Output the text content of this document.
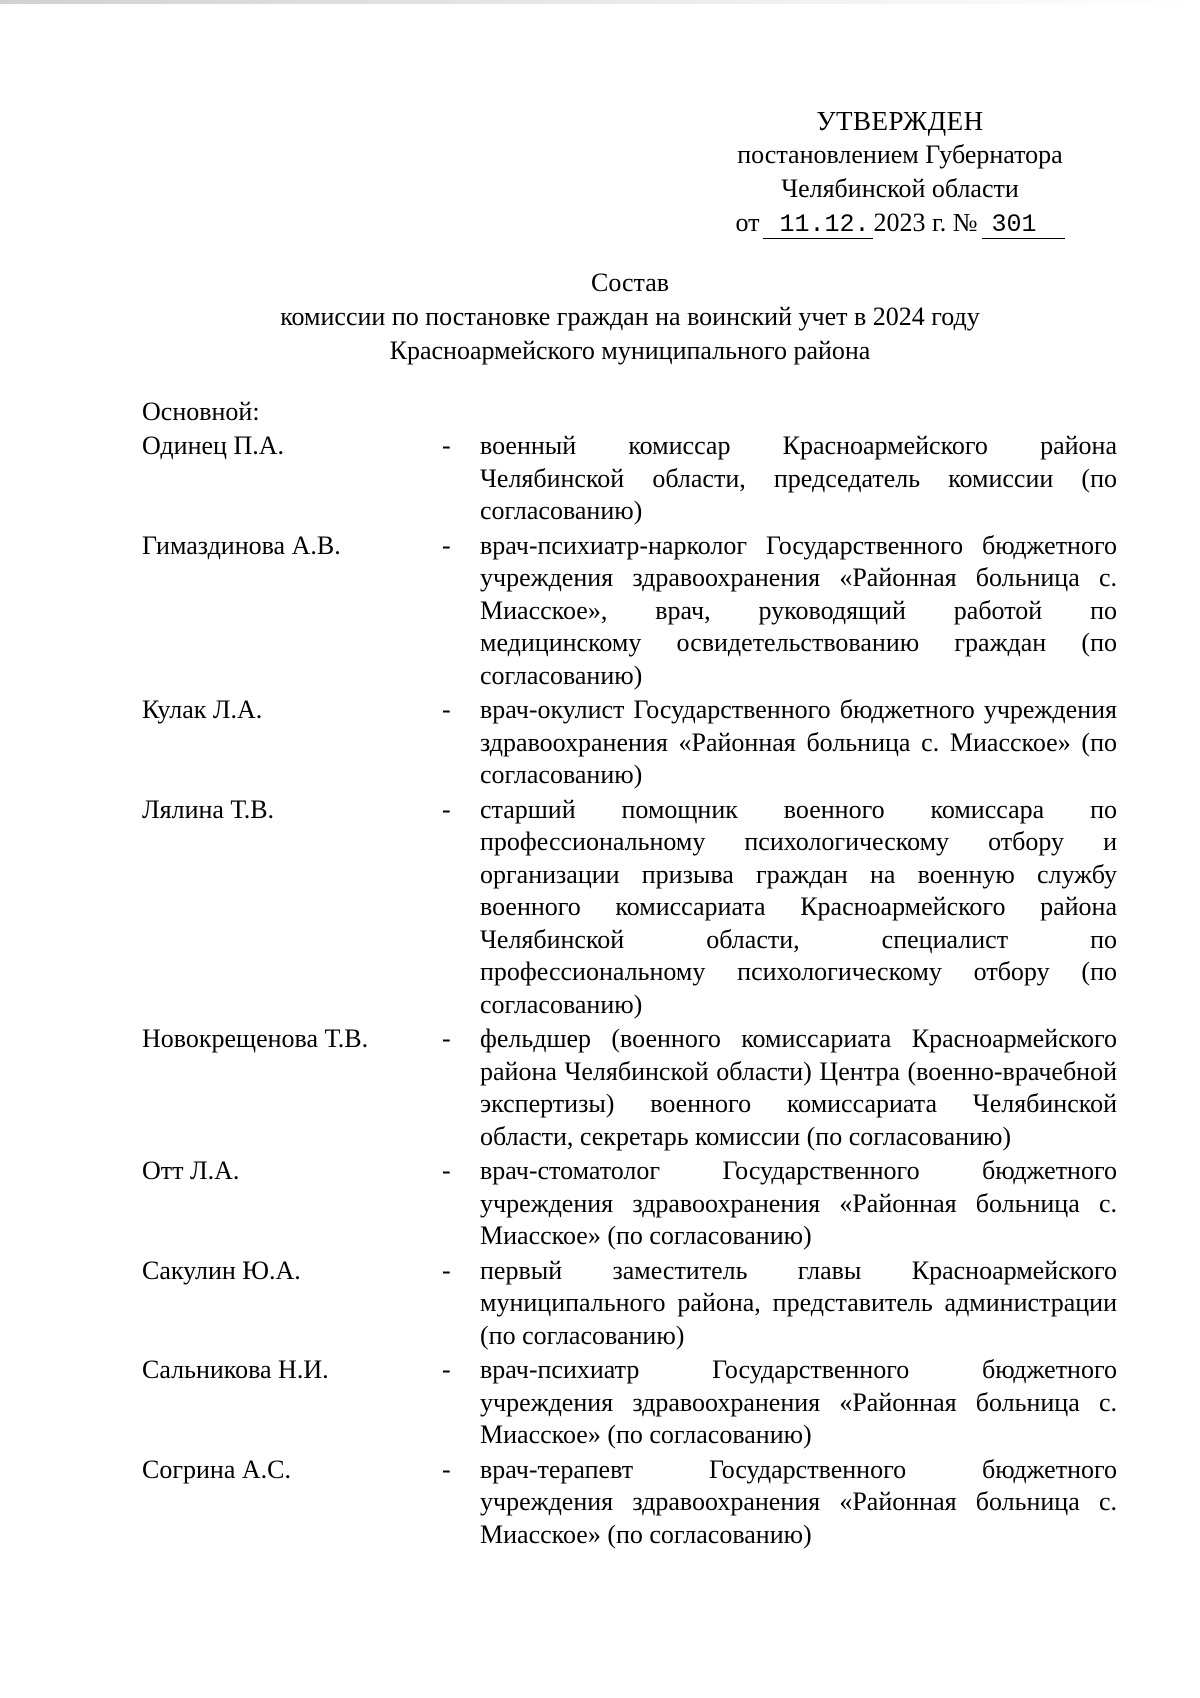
УТВЕРЖДЕН
постановлением Губернатора
Челябинской области
от 11.12. 2023 г. № 301
Состав
комиссии по постановке граждан на воинский учет в 2024 году
Красноармейского муниципального района
Основной:
Одинец П.А.	-	военный комиссар Красноармейского района Челябинской области, председатель комиссии (по согласованию)
Гимаздинова А.В.	-	врач-психиатр-нарколог Государственного бюджетного учреждения здравоохранения «Районная больница с. Миасское», врач, руководящий работой по медицинскому освидетельствованию граждан (по согласованию)
Кулак Л.А.	-	врач-окулист Государственного бюджетного учреждения здравоохранения «Районная больница с. Миасское» (по согласованию)
Лялина Т.В.	-	старший помощник военного комиссара по профессиональному психологическому отбору и организации призыва граждан на военную службу военного комиссариата Красноармейского района Челябинской области, специалист по профессиональному психологическому отбору (по согласованию)
Новокрещенова Т.В.	-	фельдшер (военного комиссариата Красноармейского района Челябинской области) Центра (военно-врачебной экспертизы) военного комиссариата Челябинской области, секретарь комиссии (по согласованию)
Отт Л.А.	-	врач-стоматолог Государственного бюджетного учреждения здравоохранения «Районная больница с. Миасское» (по согласованию)
Сакулин Ю.А.	-	первый заместитель главы Красноармейского муниципального района, представитель администрации (по согласованию)
Сальникова Н.И.	-	врач-психиатр Государственного бюджетного учреждения здравоохранения «Районная больница с. Миасское» (по согласованию)
Согрина А.С.	-	врач-терапевт Государственного бюджетного учреждения здравоохранения «Районная больница с. Миасское» (по согласованию)
